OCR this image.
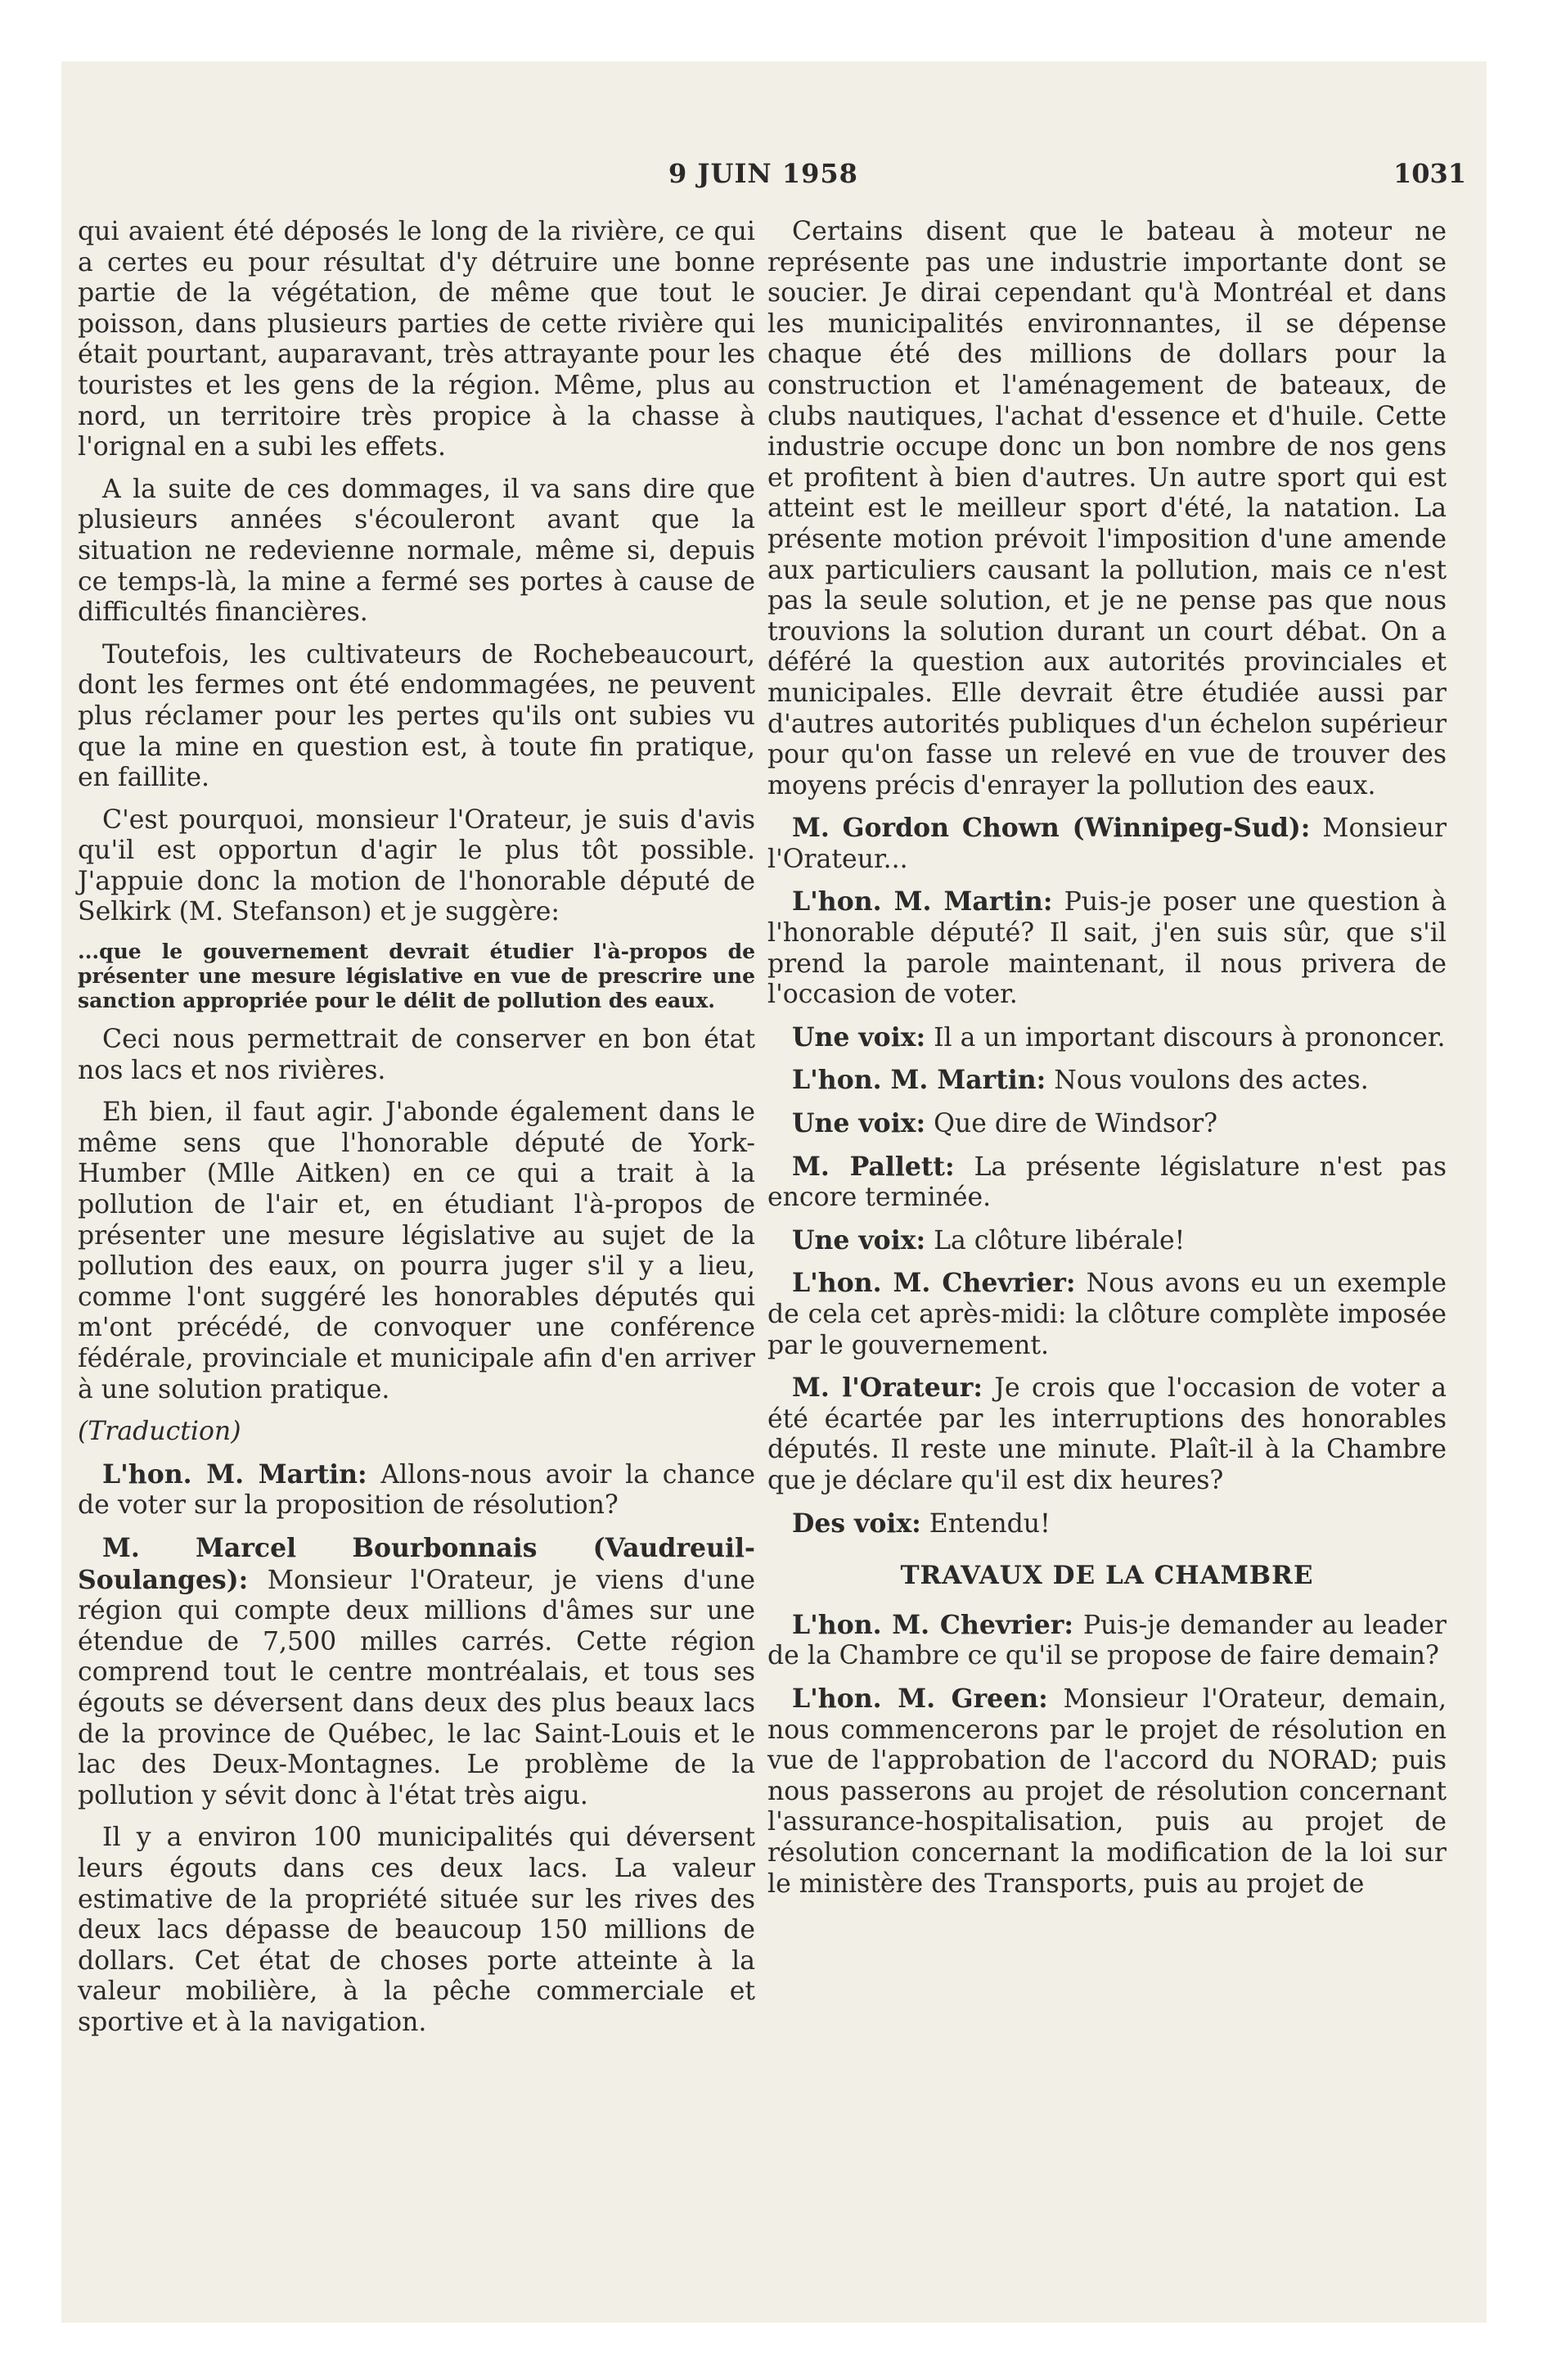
9 JUIN 1958	1031

qui avaient été déposés le long de la rivière, ce qui a certes eu pour résultat d'y détruire une bonne partie de la végétation, de même que tout le poisson, dans plusieurs parties de cette rivière qui était pourtant, auparavant, très attrayante pour les touristes et les gens de la région. Même, plus au nord, un territoire très propice à la chasse à l'orignal en a subi les effets.

A la suite de ces dommages, il va sans dire que plusieurs années s'écouleront avant que la situation ne redevienne normale, même si, depuis ce temps-là, la mine a fermé ses portes à cause de difficultés financières.

Toutefois, les cultivateurs de Rochebeaucourt, dont les fermes ont été endommagées, ne peuvent plus réclamer pour les pertes qu'ils ont subies vu que la mine en question est, à toute fin pratique, en faillite.

C'est pourquoi, monsieur l'Orateur, je suis d'avis qu'il est opportun d'agir le plus tôt possible. J'appuie donc la motion de l'honorable député de Selkirk (M. Stefanson) et je suggère:

...que le gouvernement devrait étudier l'à-propos de présenter une mesure législative en vue de prescrire une sanction appropriée pour le délit de pollution des eaux.

Ceci nous permettrait de conserver en bon état nos lacs et nos rivières.

Eh bien, il faut agir. J'abonde également dans le même sens que l'honorable député de York-Humber (Mlle Aitken) en ce qui a trait à la pollution de l'air et, en étudiant l'à-propos de présenter une mesure législative au sujet de la pollution des eaux, on pourra juger s'il y a lieu, comme l'ont suggéré les honorables députés qui m'ont précédé, de convoquer une conférence fédérale, provinciale et municipale afin d'en arriver à une solution pratique.

(Traduction)

L'hon. M. Martin: Allons-nous avoir la chance de voter sur la proposition de résolution?

M. Marcel Bourbonnais (Vaudreuil-Soulanges): Monsieur l'Orateur, je viens d'une région qui compte deux millions d'âmes sur une étendue de 7,500 milles carrés. Cette région comprend tout le centre montréalais, et tous ses égouts se déversent dans deux des plus beaux lacs de la province de Québec, le lac Saint-Louis et le lac des Deux-Montagnes. Le problème de la pollution y sévit donc à l'état très aigu.

Il y a environ 100 municipalités qui déversent leurs égouts dans ces deux lacs. La valeur estimative de la propriété située sur les rives des deux lacs dépasse de beaucoup 150 millions de dollars. Cet état de choses porte atteinte à la valeur mobilière, à la pêche commerciale et sportive et à la navigation.

Certains disent que le bateau à moteur ne représente pas une industrie importante dont se soucier. Je dirai cependant qu'à Montréal et dans les municipalités environnantes, il se dépense chaque été des millions de dollars pour la construction et l'aménagement de bateaux, de clubs nautiques, l'achat d'essence et d'huile. Cette industrie occupe donc un bon nombre de nos gens et profitent à bien d'autres. Un autre sport qui est atteint est le meilleur sport d'été, la natation. La présente motion prévoit l'imposition d'une amende aux particuliers causant la pollution, mais ce n'est pas la seule solution, et je ne pense pas que nous trouvions la solution durant un court débat. On a déféré la question aux autorités provinciales et municipales. Elle devrait être étudiée aussi par d'autres autorités publiques d'un échelon supérieur pour qu'on fasse un relevé en vue de trouver des moyens précis d'enrayer la pollution des eaux.

M. Gordon Chown (Winnipeg-Sud): Monsieur l'Orateur...

L'hon. M. Martin: Puis-je poser une question à l'honorable député? Il sait, j'en suis sûr, que s'il prend la parole maintenant, il nous privera de l'occasion de voter.

Une voix: Il a un important discours à prononcer.

L'hon. M. Martin: Nous voulons des actes.

Une voix: Que dire de Windsor?

M. Pallett: La présente législature n'est pas encore terminée.

Une voix: La clôture libérale!

L'hon. M. Chevrier: Nous avons eu un exemple de cela cet après-midi: la clôture complète imposée par le gouvernement.

M. l'Orateur: Je crois que l'occasion de voter a été écartée par les interruptions des honorables députés. Il reste une minute. Plaît-il à la Chambre que je déclare qu'il est dix heures?

Des voix: Entendu!

TRAVAUX DE LA CHAMBRE

L'hon. M. Chevrier: Puis-je demander au leader de la Chambre ce qu'il se propose de faire demain?

L'hon. M. Green: Monsieur l'Orateur, demain, nous commencerons par le projet de résolution en vue de l'approbation de l'accord du NORAD; puis nous passerons au projet de résolution concernant l'assurance-hospitalisation, puis au projet de résolution concernant la modification de la loi sur le ministère des Transports, puis au projet de
